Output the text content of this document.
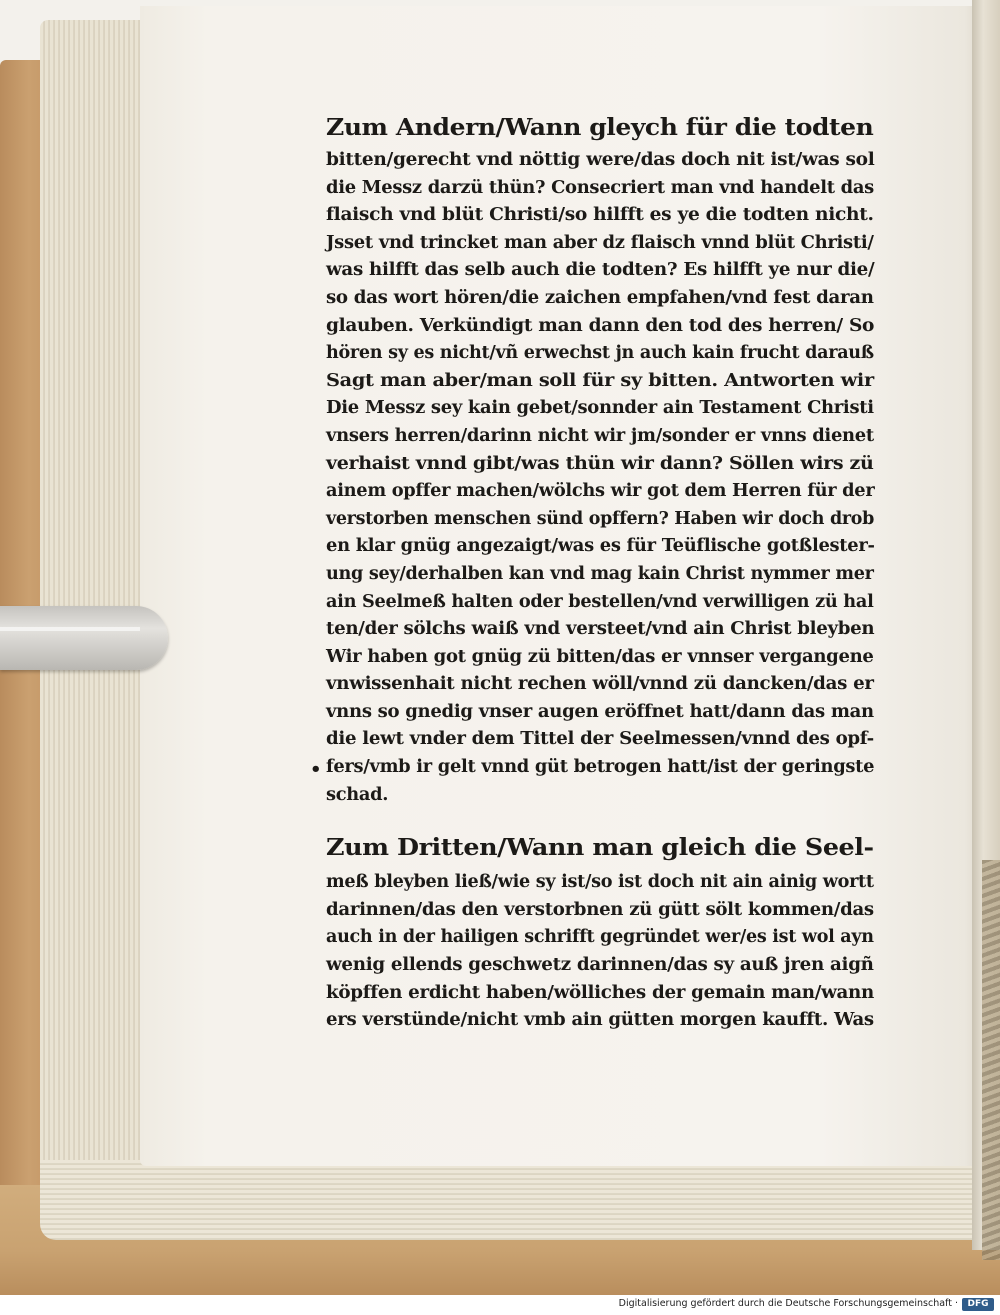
Zum Andern/Wann gleych für die todten
bitten/gerecht vnd nöttig were/das doch nit ist/was sol
die Messz darzü thün? Consecriert man vnd handelt das
flaisch vnd blüt Christi/so hilfft es ye die todten nicht.
Jsset vnd trincket man aber dz flaisch vnnd blüt Christi/
was hilfft das selb auch die todten? Es hilfft ye nur die/
so das wort hören/die zaichen empfahen/vnd fest daran
glauben. Verkündigt man dann den tod des herren/ So
hören sy es nicht/vñ erwechst jn auch kain frucht darauß
Sagt man aber/man soll für sy bitten. Antworten wir
Die Messz sey kain gebet/sonnder ain Testament Christi
vnsers herren/darinn nicht wir jm/sonder er vnns dienet
verhaist vnnd gibt/was thün wir dann? Söllen wirs zü
ainem opffer machen/wölchs wir got dem Herren für der
verstorben menschen sünd opffern? Haben wir doch drob
en klar gnüg angezaigt/was es für Teüflische gotßlester-
ung sey/derhalben kan vnd mag kain Christ nymmer mer
ain Seelmeß halten oder bestellen/vnd verwilligen zü hal
ten/der sölchs waiß vnd versteet/vnd ain Christ bleyben
Wir haben got gnüg zü bitten/das er vnnser vergangene
vnwissenhait nicht rechen wöll/vnnd zü dancken/das er
vnns so gnedig vnser augen eröffnet hatt/dann das man
die lewt vnder dem Tittel der Seelmessen/vnnd des opf-
• fers/vmb ir gelt vnnd güt betrogen hatt/ist der geringste
schad.
Zum Dritten/Wann man gleich die Seel-
meß bleyben ließ/wie sy ist/so ist doch nit ain ainig wortt
darinnen/das den verstorbnen zü gütt sölt kommen/das
auch in der hailigen schrifft gegründet wer/es ist wol ayn
wenig ellends geschwetz darinnen/das sy auß jren aigñ
köpffen erdicht haben/wölliches der gemain man/wann
ers verstünde/nicht vmb ain gütten morgen kaufft. Was
Digitalisierung gefördert durch die Deutsche Forschungsgemeinschaft ·	DFG
